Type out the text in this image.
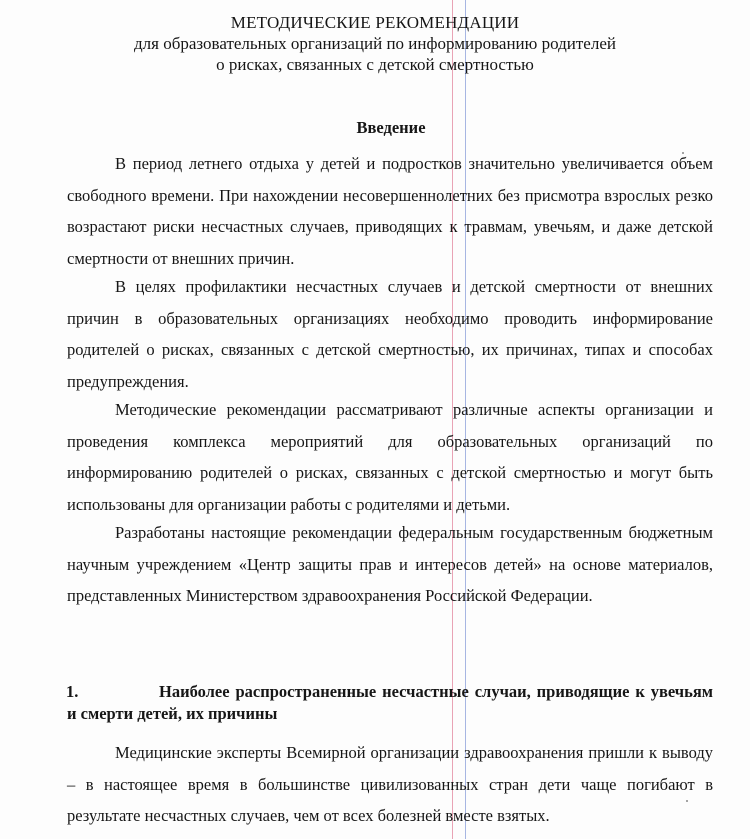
МЕТОДИЧЕСКИЕ РЕКОМЕНДАЦИИ
для образовательных организаций по информированию родителей
о рисках, связанных с детской смертностью
Введение

В период летнего отдыха у детей и подростков значительно увеличивается объем свободного времени. При нахождении несовершеннолетних без присмотра взрослых резко возрастают риски несчастных случаев, приводящих к травмам, увечьям, и даже детской смертности от внешних причин.

В целях профилактики несчастных случаев и детской смертности от внешних причин в образовательных организациях необходимо проводить информирование родителей о рисках, связанных с детской смертностью, их причинах, типах и способах предупреждения.

Методические рекомендации рассматривают различные аспекты организации и проведения комплекса мероприятий для образовательных организаций по информированию родителей о рисках, связанных с детской смертностью и могут быть использованы для организации работы с родителями и детьми.

Разработаны настоящие рекомендации федеральным государственным бюджетным научным учреждением «Центр защиты прав и интересов детей» на основе материалов, представленных Министерством здравоохранения Российской Федерации.

1.	Наиболее распространенные несчастные случаи, приводящие к увечьям и смерти детей, их причины

Медицинские эксперты Всемирной организации здравоохранения пришли к выводу – в настоящее время в большинстве цивилизованных стран дети чаще погибают в результате несчастных случаев, чем от всех болезней вместе взятых.
